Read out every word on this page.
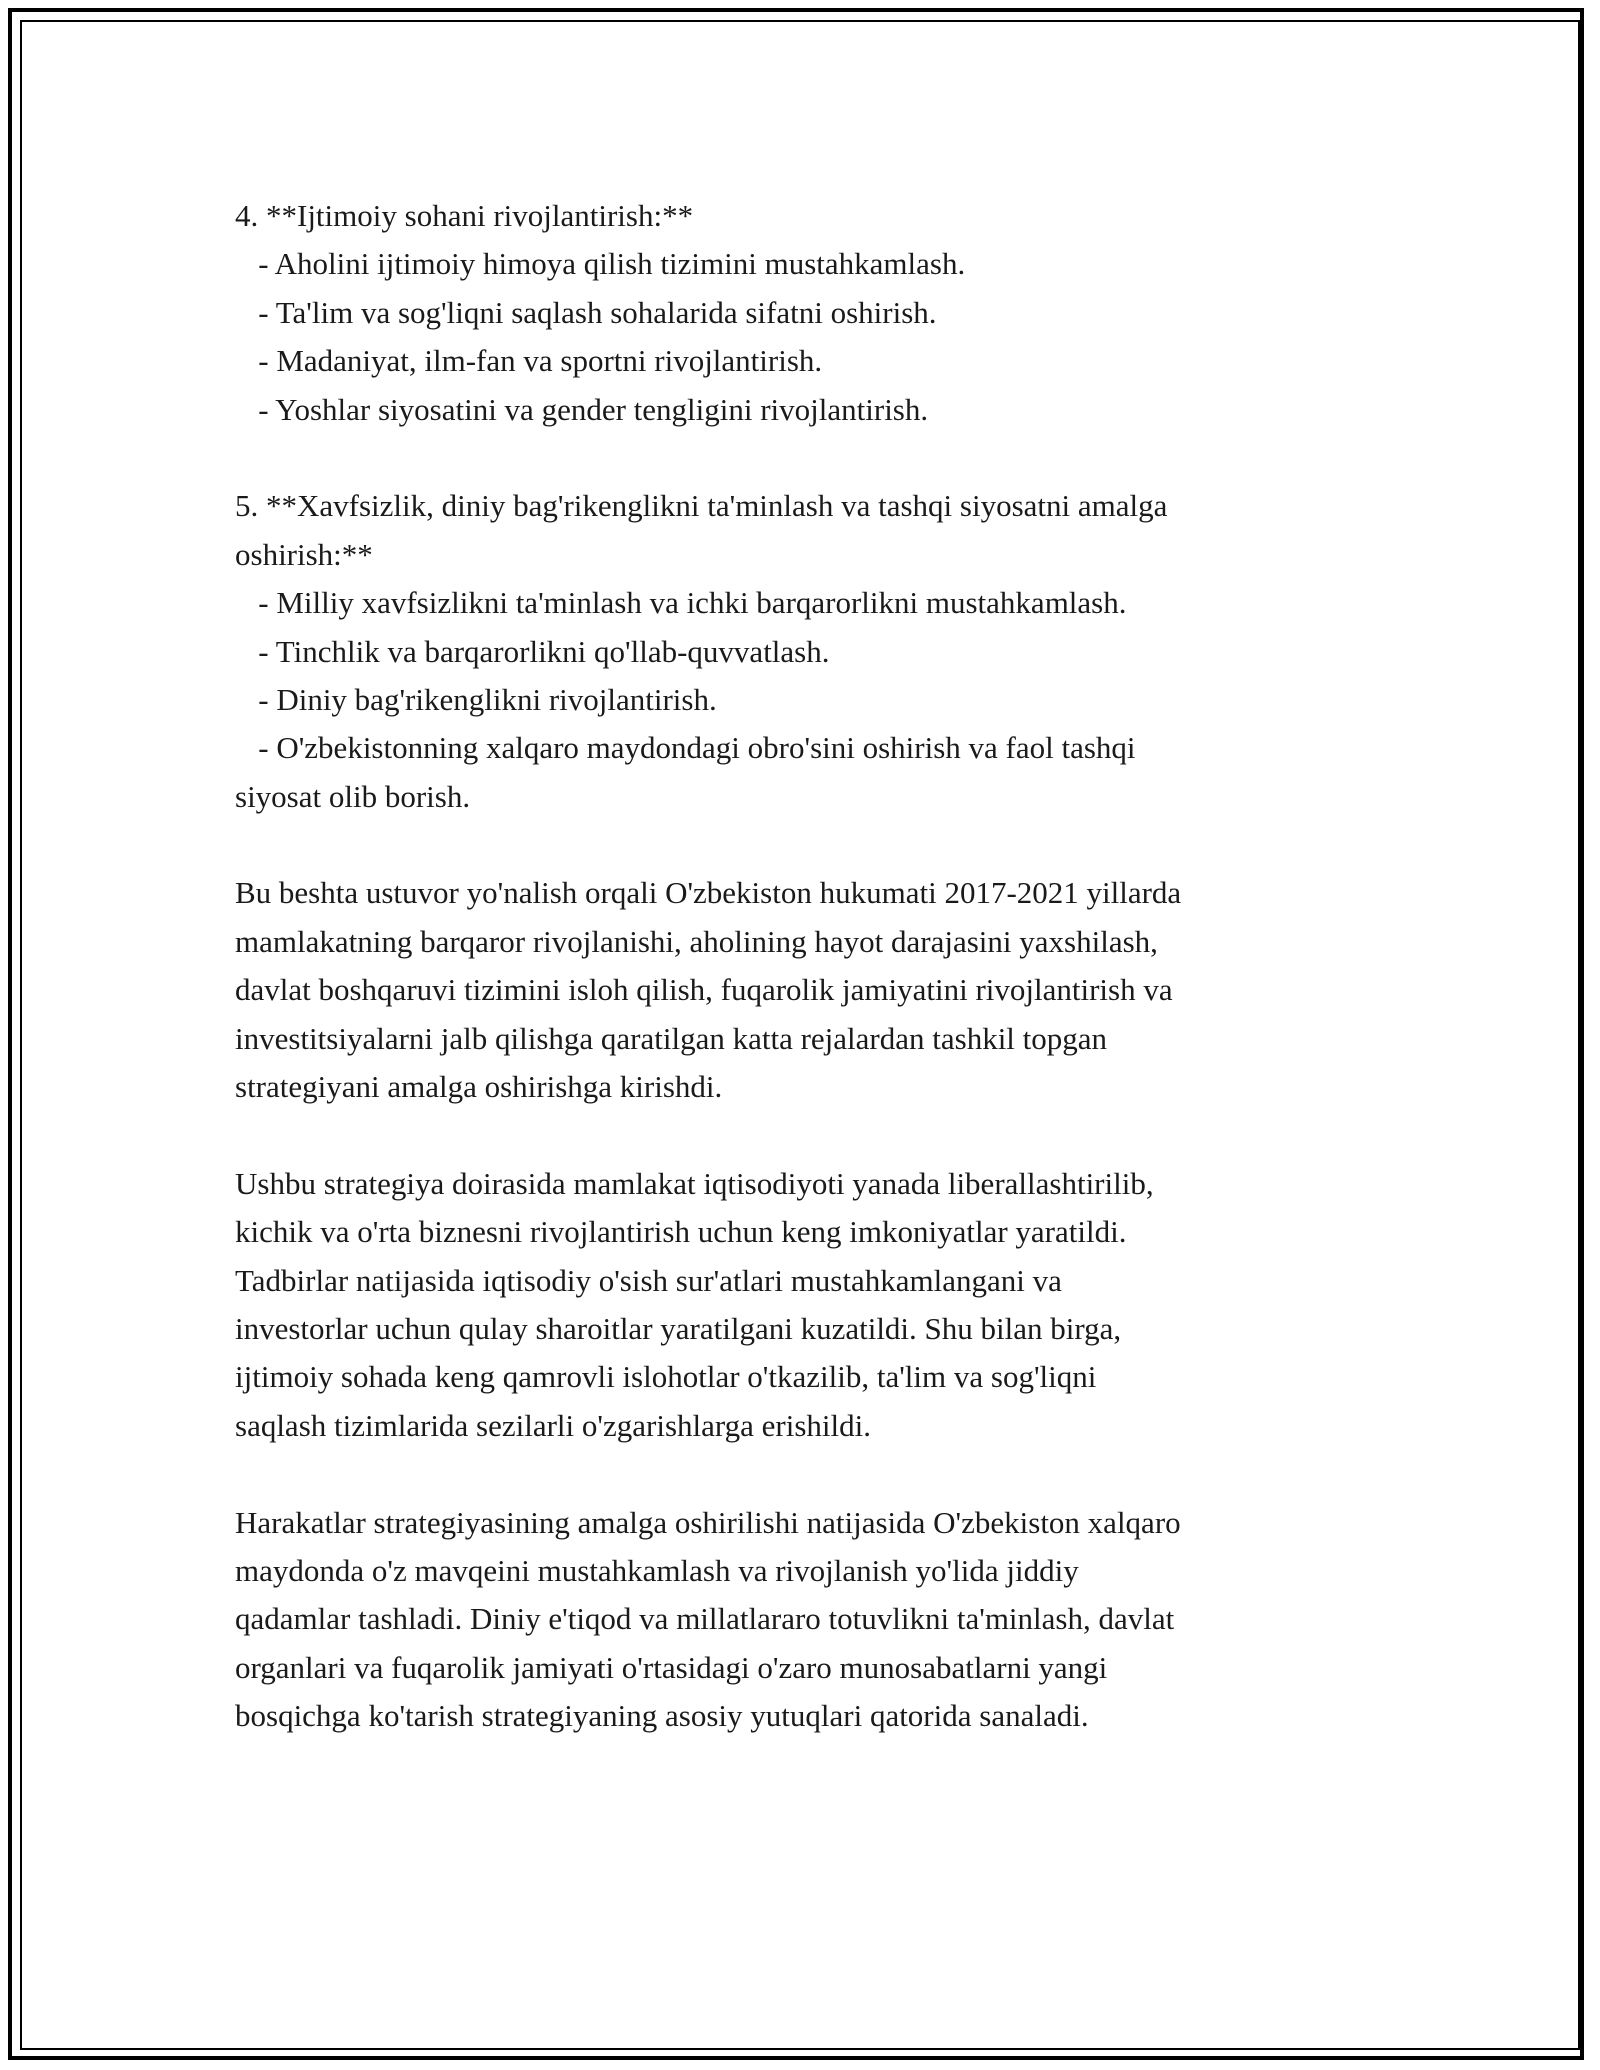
4. **Ijtimoiy sohani rivojlantirish:**

- Aholini ijtimoiy himoya qilish tizimini mustahkamlash.

- Ta'lim va sog'liqni saqlash sohalarida sifatni oshirish.

- Madaniyat, ilm-fan va sportni rivojlantirish.

- Yoshlar siyosatini va gender tengligini rivojlantirish.

5. **Xavfsizlik, diniy bag'rikenglikni ta'minlash va tashqi siyosatni amalga

oshirish:**

- Milliy xavfsizlikni ta'minlash va ichki barqarorlikni mustahkamlash.

- Tinchlik va barqarorlikni qo'llab-quvvatlash.

- Diniy bag'rikenglikni rivojlantirish.

- O'zbekistonning xalqaro maydondagi obro'sini oshirish va faol tashqi

siyosat olib borish.

Bu beshta ustuvor yo'nalish orqali O'zbekiston hukumati 2017-2021 yillarda

mamlakatning barqaror rivojlanishi, aholining hayot darajasini yaxshilash,

davlat boshqaruvi tizimini isloh qilish, fuqarolik jamiyatini rivojlantirish va

investitsiyalarni jalb qilishga qaratilgan katta rejalardan tashkil topgan

strategiyani amalga oshirishga kirishdi.

Ushbu strategiya doirasida mamlakat iqtisodiyoti yanada liberallashtirilib,

kichik va o'rta biznesni rivojlantirish uchun keng imkoniyatlar yaratildi.

Tadbirlar natijasida iqtisodiy o'sish sur'atlari mustahkamlangani va

investorlar uchun qulay sharoitlar yaratilgani kuzatildi. Shu bilan birga,

ijtimoiy sohada keng qamrovli islohotlar o'tkazilib, ta'lim va sog'liqni

saqlash tizimlarida sezilarli o'zgarishlarga erishildi.

Harakatlar strategiyasining amalga oshirilishi natijasida O'zbekiston xalqaro

maydonda o'z mavqeini mustahkamlash va rivojlanish yo'lida jiddiy

qadamlar tashladi. Diniy e'tiqod va millatlararo totuvlikni ta'minlash, davlat

organlari va fuqarolik jamiyati o'rtasidagi o'zaro munosabatlarni yangi

bosqichga ko'tarish strategiyaning asosiy yutuqlari qatorida sanaladi.
